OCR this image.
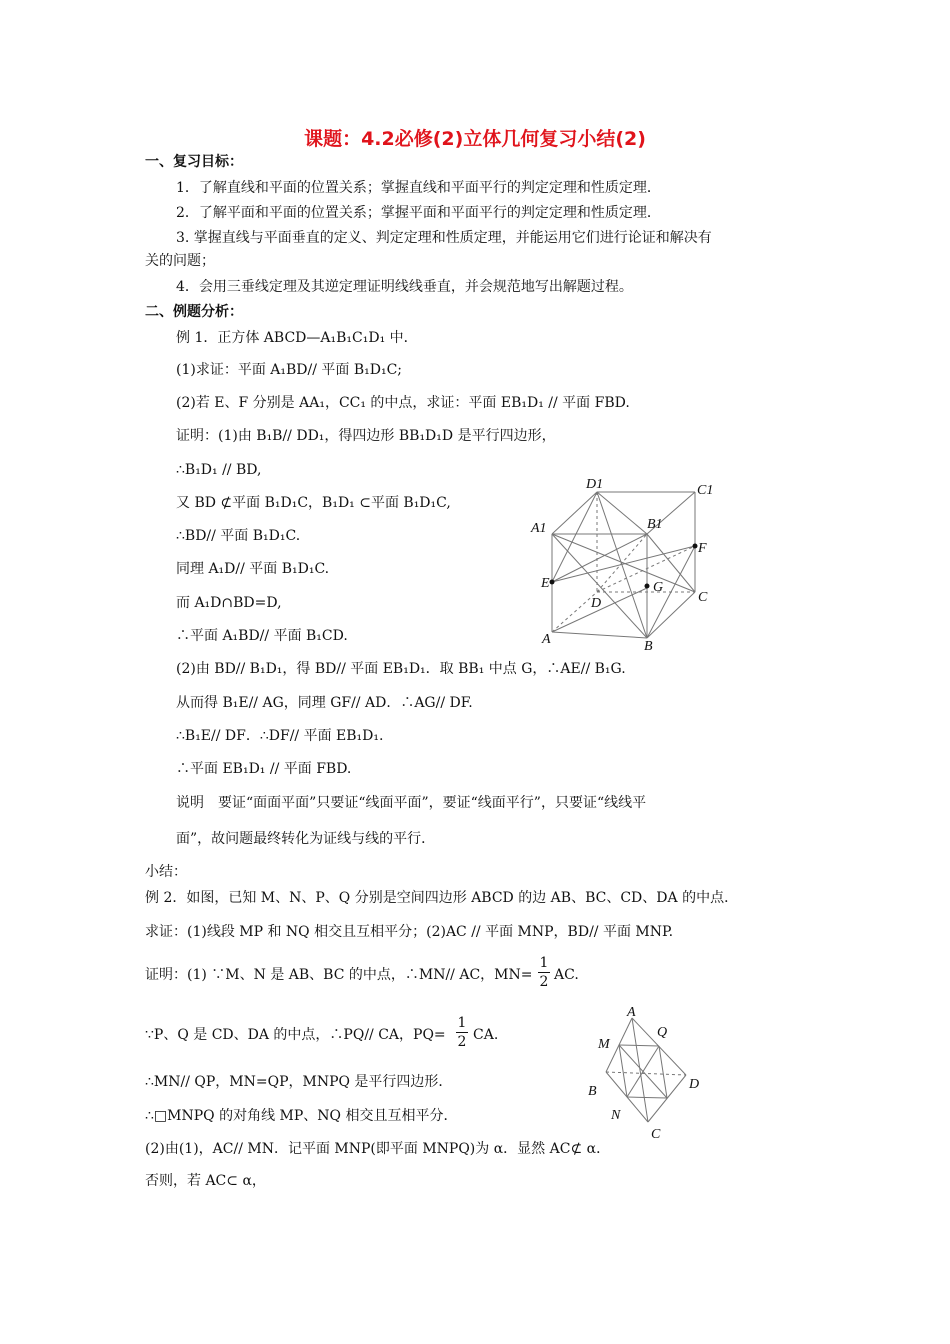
课题：4.2必修(2)立体几何复习小结(2)
一、复习目标：
1．了解直线和平面的位置关系；掌握直线和平面平行的判定定理和性质定理．
2．了解平面和平面的位置关系；掌握平面和平面平行的判定定理和性质定理．
3. 掌握直线与平面垂直的定义、判定定理和性质定理，并能运用它们进行论证和解决有
关的问题；
4．会用三垂线定理及其逆定理证明线线垂直，并会规范地写出解题过程。
二、例题分析：
例 1．正方体 ABCD—A₁B₁C₁D₁ 中．
(1)求证：平面 A₁BD// 平面 B₁D₁C;
(2)若 E、F 分别是 AA₁，CC₁ 的中点，求证：平面 EB₁D₁ // 平面 FBD.
证明：(1)由 B₁B// DD₁，得四边形 BB₁D₁D 是平行四边形，
∴B₁D₁ // BD,
又 BD ⊄平面 B₁D₁C，B₁D₁ ⊂平面 B₁D₁C,
∴BD// 平面 B₁D₁C.
同理 A₁D// 平面 B₁D₁C.
而 A₁D∩BD=D,
∴平面 A₁BD// 平面 B₁CD.
(2)由 BD// B₁D₁，得 BD// 平面 EB₁D₁．取 BB₁ 中点 G，∴AE// B₁G.
从而得 B₁E// AG，同理 GF// AD．∴AG// DF.
∴B₁E// DF．∴DF// 平面 EB₁D₁.
∴平面 EB₁D₁ // 平面 FBD.
说明　要证“面面平面”只要证“线面平面”，要证“线面平行”，只要证“线线平
面”，故问题最终转化为证线与线的平行．
小结：
例 2．如图，已知 M、N、P、Q 分别是空间四边形 ABCD 的边 AB、BC、CD、DA 的中点．
求证：(1)线段 MP 和 NQ 相交且互相平分；(2)AC // 平面 MNP，BD// 平面 MNP.
证明：(1) ∵M、N 是 AB、BC 的中点，∴MN// AC，MN=
1
2 AC.
∵P、Q 是 CD、DA 的中点，∴PQ// CA，PQ=
1
2 CA.
∴MN// QP，MN=QP，MNPQ 是平行四边形．
∴□MNPQ 的对角线 MP、NQ 相交且互相平分．
(2)由(1)，AC// MN．记平面 MNP(即平面 MNPQ)为 α．显然 AC⊄ α．
否则，若 AC⊂ α，
D1	C1
A1	B1
F
E	G
D	C
A	B
A
Q
M
D
B
N
C
